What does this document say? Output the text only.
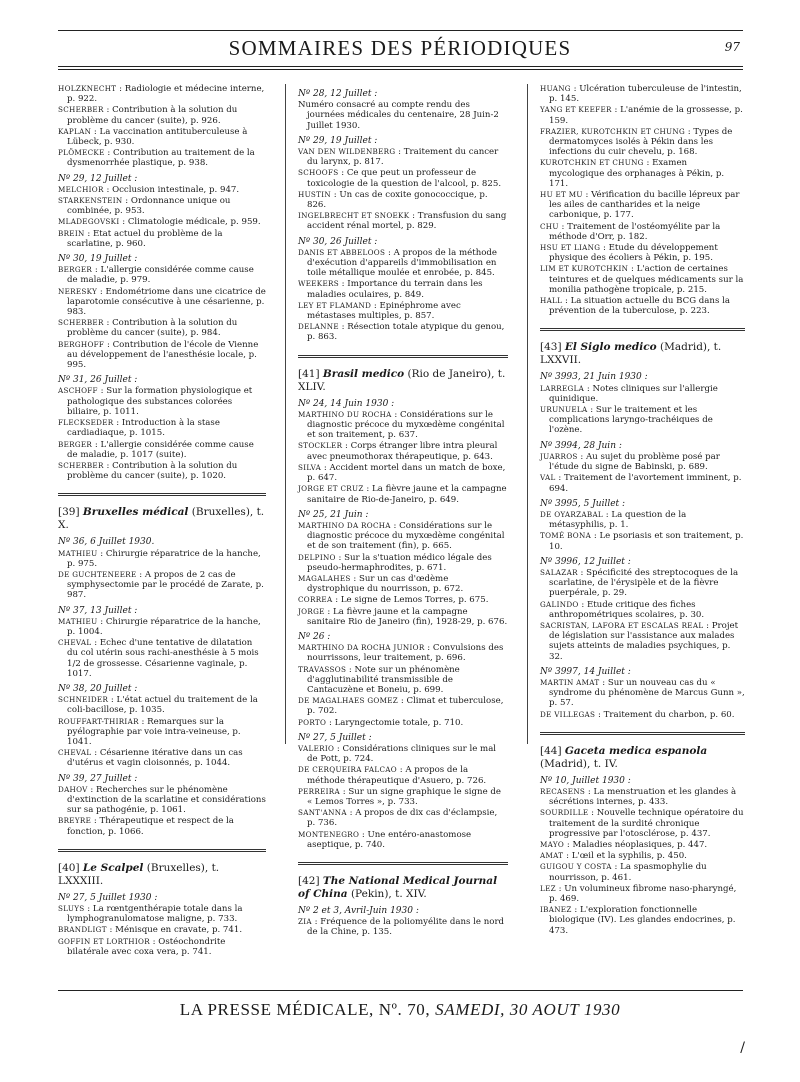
SOMMAIRES DES PÉRIODIQUES	97
HOLZKNECHT : Radiologie et médecine interne, p. 922.
SCHERBER : Contribution à la solution du problème du cancer (suite), p. 926.
KAPLAN : La vaccination antituberculeuse à Lübeck, p. 930.
PLÖMECKE : Contribution au traitement de la dysmenorrhée plastique, p. 938.
Nº 29, 12 Juillet :
MELCHIOR : Occlusion intestinale, p. 947.
STARKENSTEIN : Ordonnance unique ou combinée, p. 953.
MLADEGOVSKI : Climatologie médicale, p. 959.
BREIN : Etat actuel du problème de la scarlatine, p. 960.
Nº 30, 19 Juillet :
BERGER : L'allergie considérée comme cause de maladie, p. 979.
NERESKY : Endométriome dans une cicatrice de laparotomie consécutive à une césarienne, p. 983.
SCHERBER : Contribution à la solution du problème du cancer (suite), p. 984.
BERGHOFF : Contribution de l'école de Vienne au développement de l'anesthésie locale, p. 995.
Nº 31, 26 Juillet :
ASCHOFF : Sur la formation physiologique et pathologique des substances colorées biliaire, p. 1011.
FLECKSEDER : Introduction à la stase cardiadiaque, p. 1015.
BERGER : L'allergie considérée comme cause de maladie, p. 1017 (suite).
SCHERBER : Contribution à la solution du problème du cancer (suite), p. 1020.
[39] Bruxelles médical (Bruxelles), t. X.
Nº 36, 6 Juillet 1930.
MATHIEU : Chirurgie réparatrice de la hanche, p. 975.
DE GUCHTENEERE : A propos de 2 cas de symphysectomie par le procédé de Zarate, p. 987.
Nº 37, 13 Juillet :
MATHIEU : Chirurgie réparatrice de la hanche, p. 1004.
CHEVAL : Echec d'une tentative de dilatation du col utérin sous rachi-anesthésie à 5 mois 1/2 de grossesse. Césarienne vaginale, p. 1017.
Nº 38, 20 Juillet :
SCHNEIDER : L'état actuel du traitement de la coli-bacillose, p. 1035.
ROUFFART-THIRIAR : Remarques sur la pyélographie par voie intra-veineuse, p. 1041.
CHEVAL : Césarienne itérative dans un cas d'utérus et vagin cloisonnés, p. 1044.
Nº 39, 27 Juillet :
DAHOV : Recherches sur le phénomène d'extinction de la scarlatine et considérations sur sa pathogénie, p. 1061.
BREYRE : Thérapeutique et respect de la fonction, p. 1066.
[40] Le Scalpel (Bruxelles), t. LXXXIII.
Nº 27, 5 Juillet 1930 :
SLUYS : La rœntgenthérapie totale dans la lymphogranulomatose maligne, p. 733.
BRANDLIGT : Ménisque en cravate, p. 741.
GOFFIN ET LORTHIOR : Ostéochondrite bilatérale avec coxa vera, p. 741.
Nº 28, 12 Juillet :
Numéro consacré au compte rendu des journées médicales du centenaire, 28 Juin-2 Juillet 1930.
Nº 29, 19 Juillet :
VAN DEN WILDENBERG : Traitement du cancer du larynx, p. 817.
SCHOOFS : Ce que peut un professeur de toxicologie de la question de l'alcool, p. 825.
HUSTIN : Un cas de coxite gonococcique, p. 826.
INGELBRECHT ET SNOEKK : Transfusion du sang accident rénal mortel, p. 829.
Nº 30, 26 Juillet :
DANIS ET ABBELOOS : A propos de la méthode d'exécution d'appareils d'immobilisation en toile métallique moulée et enrobée, p. 845.
WEEKERS : Importance du terrain dans les maladies oculaires, p. 849.
LEY ET FLAMAND : Epinéphrome avec métastases multiples, p. 857.
DELANNE : Résection totale atypique du genou, p. 863.
[41] Brasil medico (Rio de Janeiro), t. XLIV.
Nº 24, 14 Juin 1930 :
MARTHINO DU ROCHA : Considérations sur le diagnostic précoce du myxœdème congénital et son traitement, p. 637.
STOCKLER : Corps étranger libre intra pleural avec pneumothorax thérapeutique, p. 643.
SILVA : Accident mortel dans un match de boxe, p. 647.
JORGE ET CRUZ : La fièvre jaune et la campagne sanitaire de Rio-de-Janeiro, p. 649.
Nº 25, 21 Juin :
MARTHINO DA ROCHA : Considérations sur le diagnostic précoce du myxœdème congénital et de son traitement (fin), p. 665.
DELPINO : Sur la s'tuation médico légale des pseudo-hermaphrodites, p. 671.
MAGALAHES : Sur un cas d'œdème dystrophique du nourrisson, p. 672.
CORREA : Le signe de Lemos Torres, p. 675.
JORGE : La fièvre jaune et la campagne sanitaire Rio de Janeiro (fin), 1928-29, p. 676.
Nº 26 :
MARTHINO DA ROCHA JUNIOR : Convulsions des nourrissons, leur traitement, p. 696.
TRAVASSOS : Note sur un phénomène d'agglutinabilité transmissible de Cantacuzène et Boneiu, p. 699.
DE MAGALHAES GOMEZ : Climat et tuberculose, p. 702.
PORTO : Laryngectomie totale, p. 710.
Nº 27, 5 Juillet :
VALERIO : Considérations cliniques sur le mal de Pott, p. 724.
DE CERQUEIRA FALCAO : A propos de la méthode thérapeutique d'Asuero, p. 726.
PERREIRA : Sur un signe graphique le signe de « Lemos Torres », p. 733.
SANT'ANNA : A propos de dix cas d'éclampsie, p. 736.
MONTENEGRO : Une entéro-anastomose aseptique, p. 740.
[42] The National Medical Journal of China (Pekin), t. XIV.
Nº 2 et 3, Avril-Juin 1930 :
ZIA : Fréquence de la poliomyélite dans le nord de la Chine, p. 135.
HUANG : Ulcération tuberculeuse de l'intestin, p. 145.
YANG ET KEEFER : L'anémie de la grossesse, p. 159.
FRAZIER, KUROTCHKIN ET CHUNG : Types de dermatomyces isolés à Pékin dans les infections du cuir chevelu, p. 168.
KUROTCHKIN ET CHUNG : Examen mycologique des orphanages à Pékin, p. 171.
HU ET MU : Vérification du bacille lépreux par les ailes de cantharides et la neige carbonique, p. 177.
CHU : Traitement de l'ostéomyélite par la méthode d'Orr, p. 182.
HSU ET LIANG : Etude du développement physique des écoliers à Pékin, p. 195.
LIM ET KUROTCHKIN : L'action de certaines teintures et de quelques médicaments sur la monilia pathogène tropicale, p. 215.
HALL : La situation actuelle du BCG dans la prévention de la tuberculose, p. 223.
[43] El Siglo medico (Madrid), t. LXXVII.
Nº 3993, 21 Juin 1930 :
LARREGLA : Notes cliniques sur l'allergie quinidique.
URUNUELA : Sur le traitement et les complications laryngo-trachéiques de l'ozène.
Nº 3994, 28 Juin :
JUARROS : Au sujet du problème posé par l'étude du signe de Babinski, p. 689.
VAL : Traitement de l'avortement imminent, p. 694.
Nº 3995, 5 Juillet :
DE OYARZABAL : La question de la métasyphilis, p. 1.
TOMÉ BONA : Le psoriasis et son traitement, p. 10.
Nº 3996, 12 Juillet :
SALAZAR : Spécificité des streptocoques de la scarlatine, de l'érysipèle et de la fièvre puerpérale, p. 29.
GALINDO : Etude critique des fiches anthropométriques scolaires, p. 30.
SACRISTAN, LAFORA ET ESCALAS REAL : Projet de législation sur l'assistance aux malades sujets atteints de maladies psychiques, p. 32.
Nº 3997, 14 Juillet :
MARTIN AMAT : Sur un nouveau cas du « syndrome du phénomène de Marcus Gunn », p. 57.
DE VILLEGAS : Traitement du charbon, p. 60.
[44] Gaceta medica espanola (Madrid), t. IV.
Nº 10, Juillet 1930 :
RECASENS : La menstruation et les glandes à sécrétions internes, p. 433.
SOURDILLE : Nouvelle technique opératoire du traitement de la surdité chronique progressive par l'otosclérose, p. 437.
MAYO : Maladies néoplasiques, p. 447.
AMAT : L'œil et la syphilis, p. 450.
GUIGOU Y COSTA : La spasmophylie du nourrisson, p. 461.
LEZ : Un volumineux fibrome naso-pharyngé, p. 469.
IBANEZ : L'exploration fonctionnelle biologique (IV). Les glandes endocrines, p. 473.
LA PRESSE MÉDICALE, Nº. 70, SAMEDI, 30 AOUT 1930
/
